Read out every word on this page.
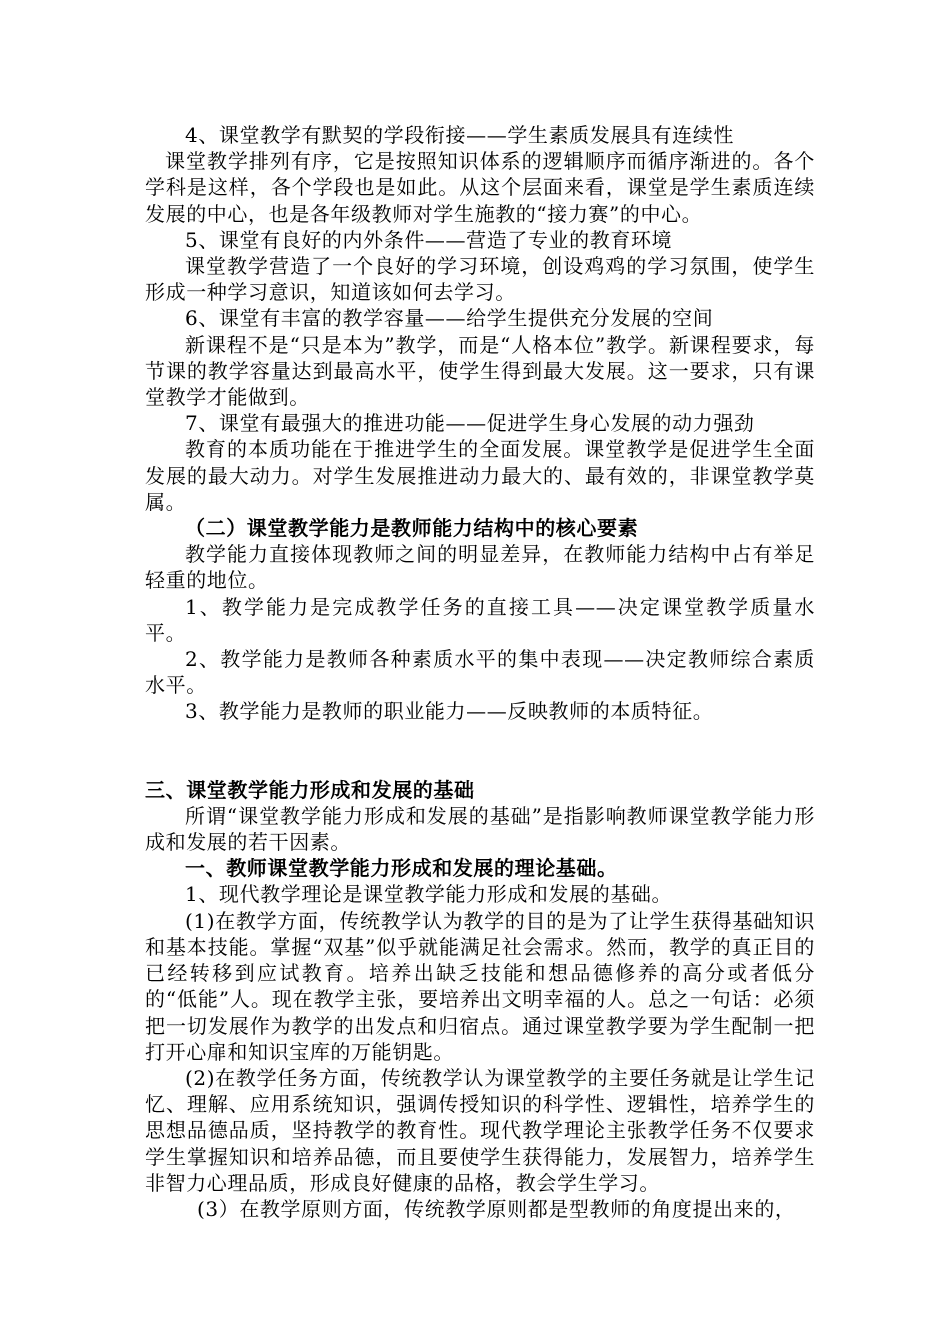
4、课堂教学有默契的学段衔接——学生素质发展具有连续性

课堂教学排列有序，它是按照知识体系的逻辑顺序而循序渐进的。各个学科是这样，各个学段也是如此。从这个层面来看，课堂是学生素质连续发展的中心，也是各年级教师对学生施教的“接力赛”的中心。

5、课堂有良好的内外条件——营造了专业的教育环境

课堂教学营造了一个良好的学习环境，创设鸡鸡的学习氛围，使学生形成一种学习意识，知道该如何去学习。

6、课堂有丰富的教学容量——给学生提供充分发展的空间

新课程不是“只是本为”教学，而是“人格本位”教学。新课程要求，每节课的教学容量达到最高水平，使学生得到最大发展。这一要求，只有课堂教学才能做到。

7、课堂有最强大的推进功能——促进学生身心发展的动力强劲

教育的本质功能在于推进学生的全面发展。课堂教学是促进学生全面发展的最大动力。对学生发展推进动力最大的、最有效的，非课堂教学莫属。

（二）课堂教学能力是教师能力结构中的核心要素

教学能力直接体现教师之间的明显差异，在教师能力结构中占有举足轻重的地位。

1、教学能力是完成教学任务的直接工具——决定课堂教学质量水平。

2、教学能力是教师各种素质水平的集中表现——决定教师综合素质水平。

3、教学能力是教师的职业能力——反映教师的本质特征。

三、课堂教学能力形成和发展的基础

所谓“课堂教学能力形成和发展的基础”是指影响教师课堂教学能力形成和发展的若干因素。

一、教师课堂教学能力形成和发展的理论基础。

1、现代教学理论是课堂教学能力形成和发展的基础。

(1)在教学方面，传统教学认为教学的目的是为了让学生获得基础知识和基本技能。掌握“双基”似乎就能满足社会需求。然而，教学的真正目的已经转移到应试教育。培养出缺乏技能和想品德修养的高分或者低分的“低能”人。现在教学主张，要培养出文明幸福的人。总之一句话：必须把一切发展作为教学的出发点和归宿点。通过课堂教学要为学生配制一把打开心扉和知识宝库的万能钥匙。

(2)在教学任务方面，传统教学认为课堂教学的主要任务就是让学生记忆、理解、应用系统知识，强调传授知识的科学性、逻辑性，培养学生的思想品德品质，坚持教学的教育性。现代教学理论主张教学任务不仅要求学生掌握知识和培养品德，而且要使学生获得能力，发展智力，培养学生非智力心理品质，形成良好健康的品格，教会学生学习。

(3）在教学原则方面，传统教学原则都是型教师的角度提出来的，
